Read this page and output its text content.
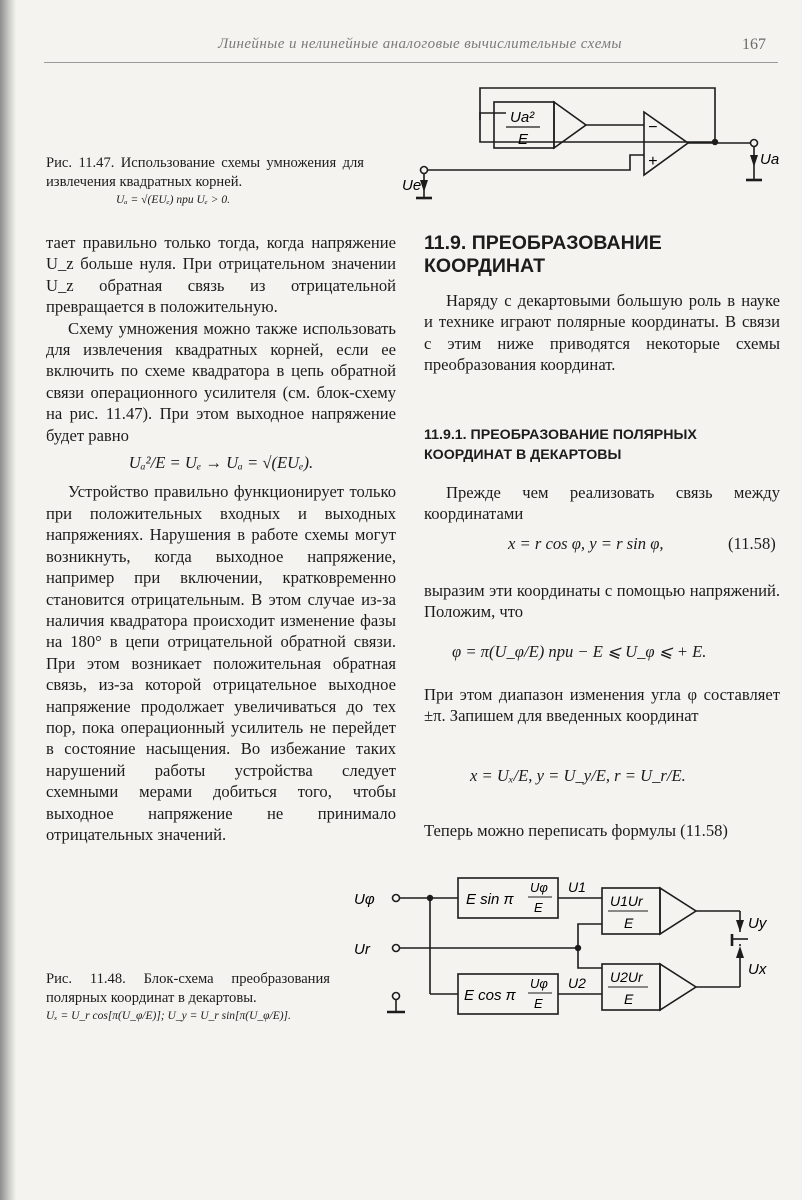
Линейные и нелинейные аналоговые вычислительные схемы	167
Рис. 11.47. Использование схемы умножения для извлечения квадратных корней.
Uₐ = √(EUₑ) при Uₑ > 0.
Ua²
E
−
+
Ue
Ua

тает правильно только тогда, когда напряжение U_z больше нуля. При отрицательном значении U_z обратная связь из отрицательной превращается в положительную.

Схему умножения можно также использовать для извлечения квадратных корней, если ее включить по схеме квадратора в цепь обратной связи операционного усилителя (см. блок-схему на рис. 11.47). При этом выходное напряжение будет равно

Uₐ²/E = Uₑ → Uₐ = √(EUₑ).

Устройство правильно функционирует только при положительных входных и выходных напряжениях. Нарушения в работе схемы могут возникнуть, когда выходное напряжение, например при включении, кратковременно становится отрицательным. В этом случае из-за наличия квадратора происходит изменение фазы на 180° в цепи отрицательной обратной связи. При этом возникает положительная обратная связь, из-за которой отрицательное выходное напряжение продолжает увеличиваться до тех пор, пока операционный усилитель не перейдет в состояние насыщения. Во избежание таких нарушений работы устройства следует схемными мерами добиться того, чтобы выходное напряжение не принимало отрицательных значений.

11.9. ПРЕОБРАЗОВАНИЕ КООРДИНАТ

Наряду с декартовыми большую роль в науке и технике играют полярные координаты. В связи с этим ниже приводятся некоторые схемы преобразования координат.

11.9.1. ПРЕОБРАЗОВАНИЕ ПОЛЯРНЫХ КООРДИНАТ В ДЕКАРТОВЫ

Прежде чем реализовать связь между координатами

x = r cos φ, y = r sin φ,	(11.58)

выразим эти координаты с помощью напряжений. Положим, что

φ = π(U_φ/E) при − E ⩽ U_φ ⩽ + E.

При этом диапазон изменения угла φ составляет ±π. Запишем для введенных координат

x = Uₓ/E, y = U_y/E, r = U_r/E.

Теперь можно переписать формулы (11.58)

Рис. 11.48. Блок-схема преобразования полярных координат в декартовы.
Uₓ = U_r cos[π(U_φ/E)]; U_y = U_r sin[π(U_φ/E)].
Uφ
Ur
E sin π
Uφ
E
E cos π
Uφ
E
U1
U2
U1Ur
E
U2Ur
E
Uy
Ux
